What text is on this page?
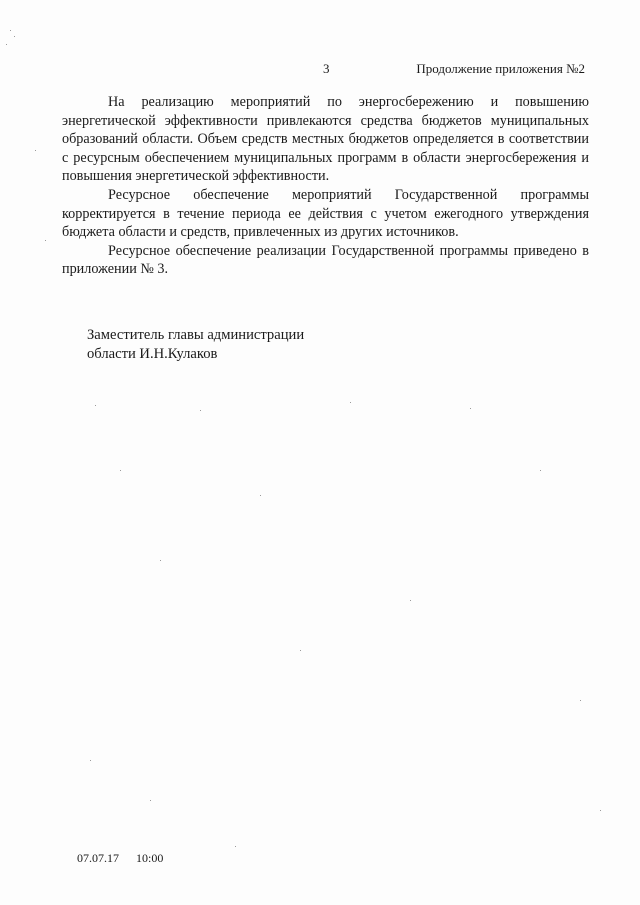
3	Продолжение приложения №2

На реализацию мероприятий по энергосбережению и повышению энергетической эффективности привлекаются средства бюджетов муниципальных образований области. Объем средств местных бюджетов определяется в соответствии с ресурсным обеспечением муниципальных программ в области энергосбережения и повышения энергетической эффективности.

Ресурсное обеспечение мероприятий Государственной программы корректируется в течение периода ее действия с учетом ежегодного утверждения бюджета области и средств, привлеченных из других источников.

Ресурсное обеспечение реализации Государственной программы приведено в приложении № 3.

Заместитель главы администрации
области И.Н.Кулаков
07.07.17 10:00
